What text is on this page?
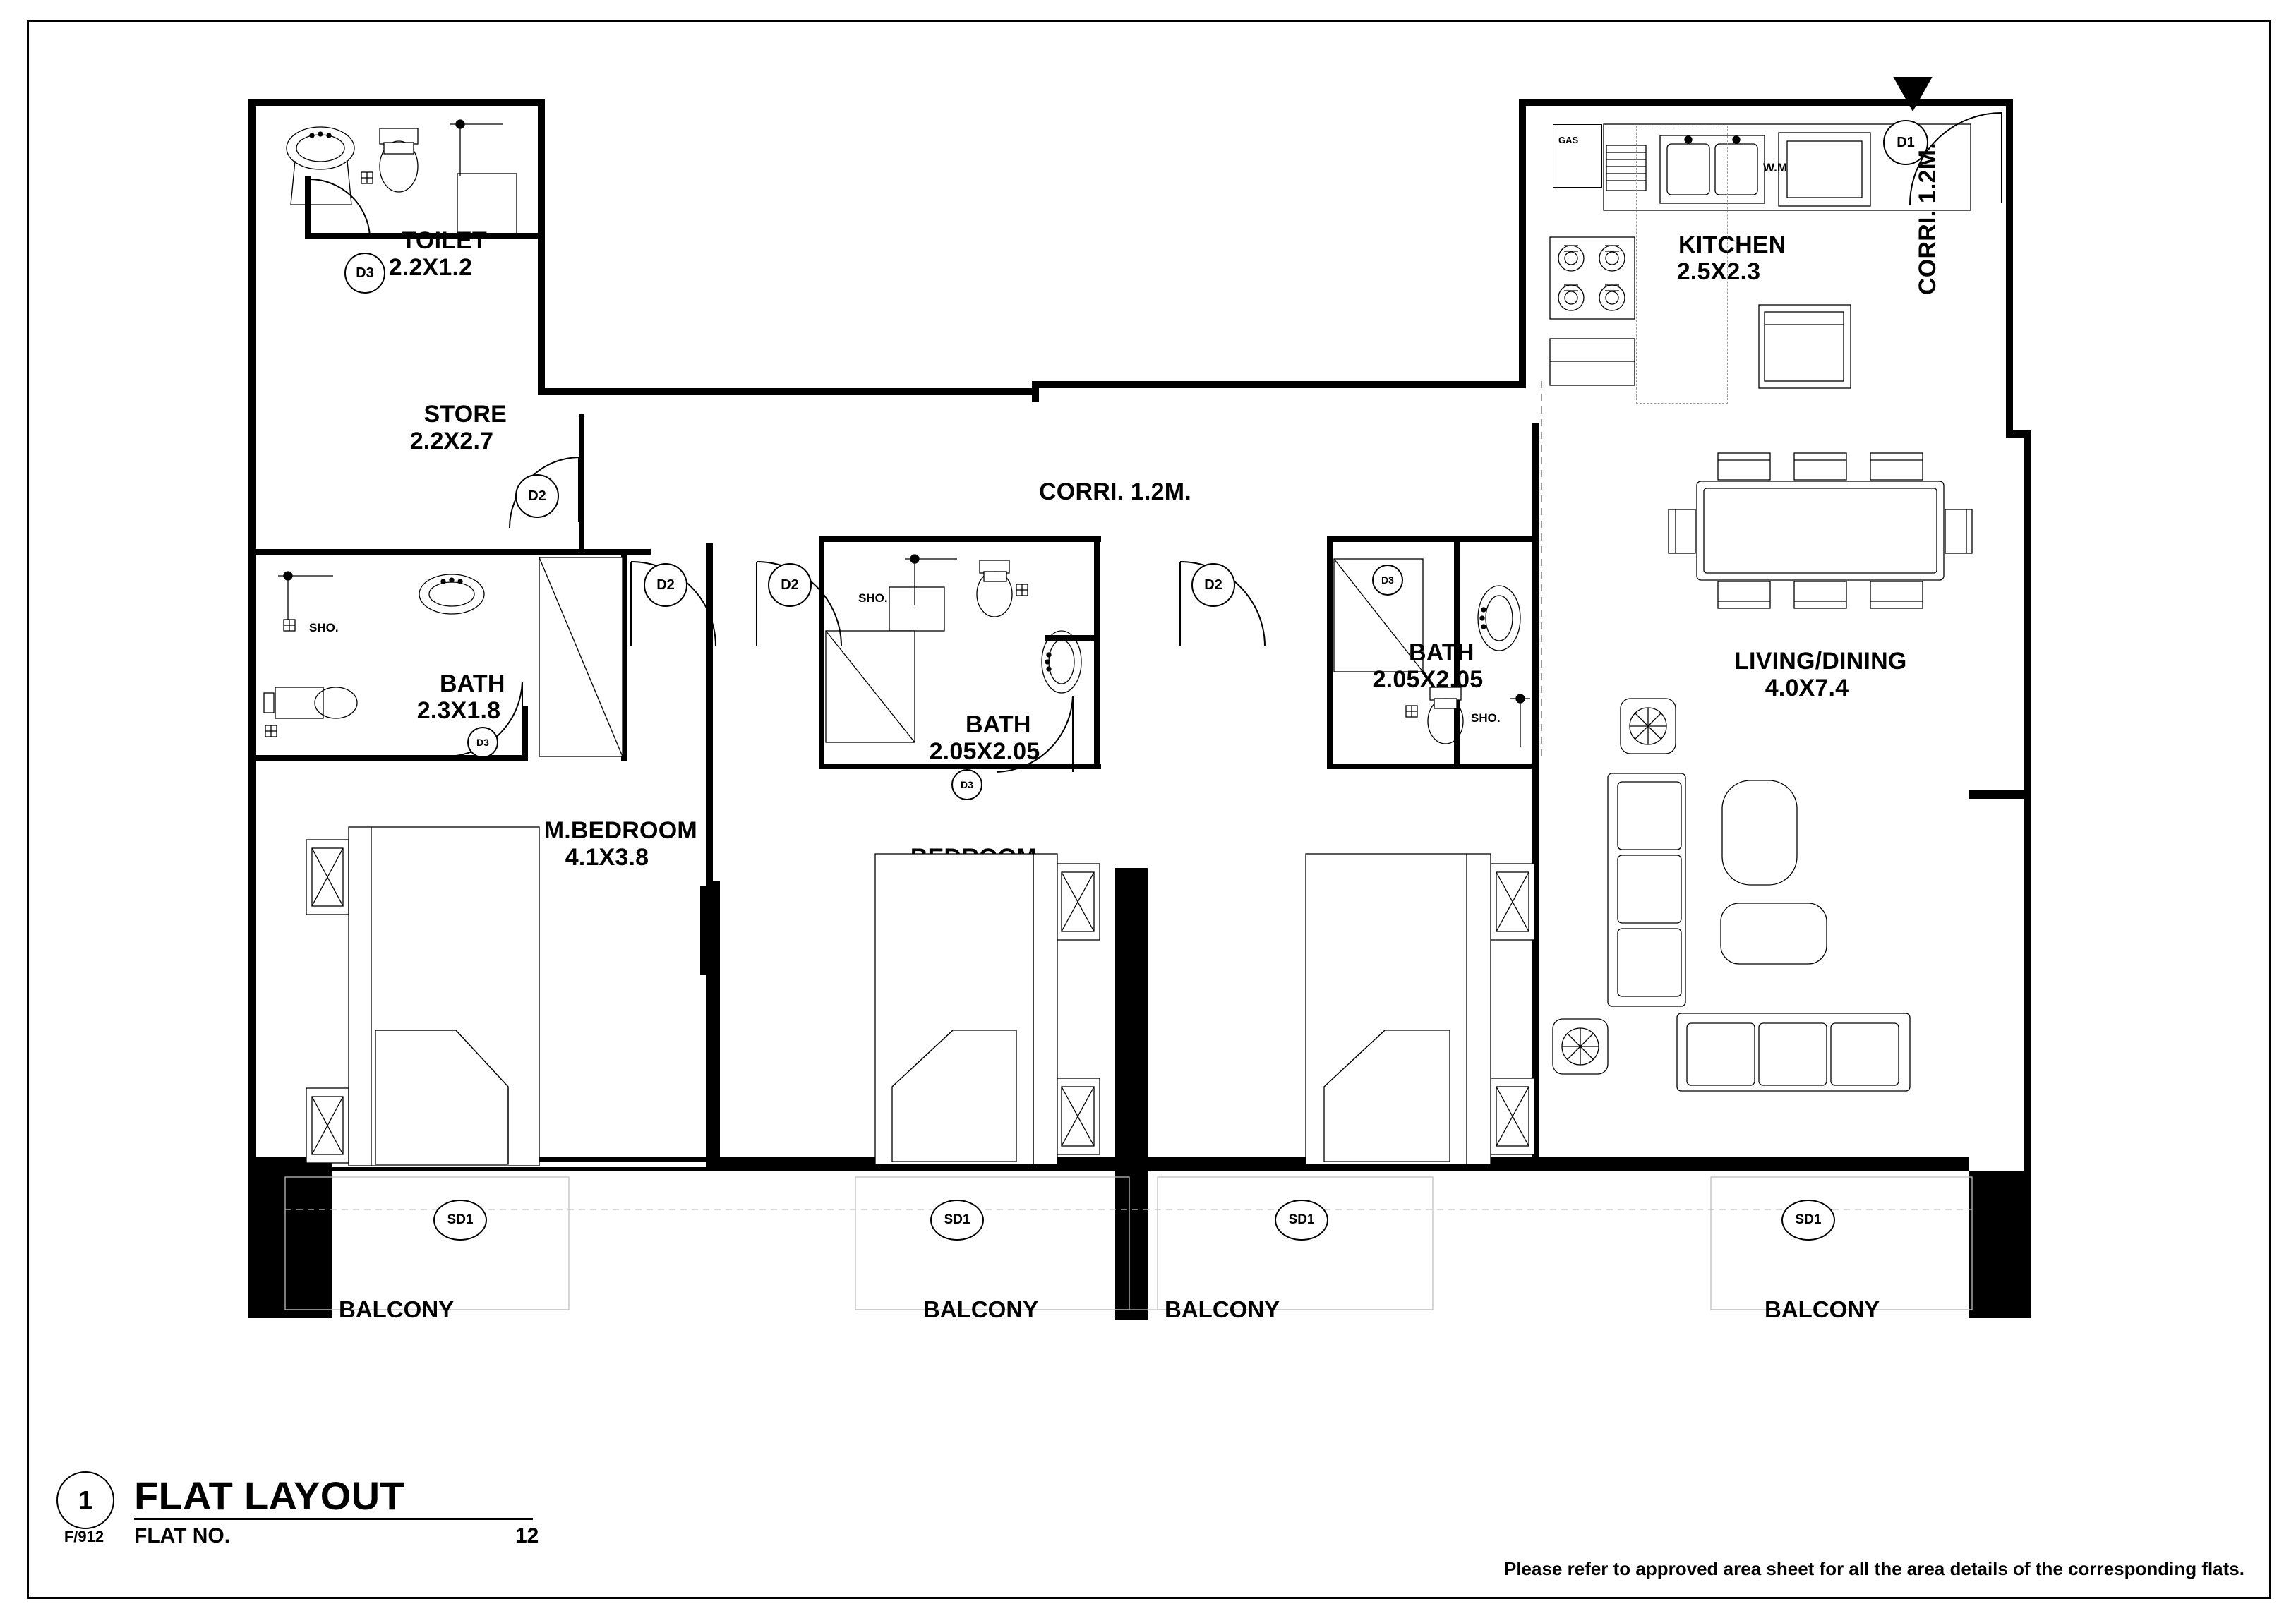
TOILET
2.2X1.2

D3

STORE
2.2X2.7

D2
GAS
W.M

KITCHEN
2.5X2.3

D1
CORRI. 1.2M.
CORRI. 1.2M.

LIVING/DINING
4.0X7.4

SHO.

BATH
2.3X1.8

D3
D2

M.BEDROOM
4.1X3.8

SHO.

BATH
2.05X2.05

D3
D2	D2

SHO.

BATH
2.05X2.05

D3

SD1	SD1	SD1	SD1
BALCONY	BALCONY	BALCONY	BALCONY
1
F/912
FLAT LAYOUT
FLAT NO.	12
Please refer to approved area sheet for all the area details of the corresponding flats.
